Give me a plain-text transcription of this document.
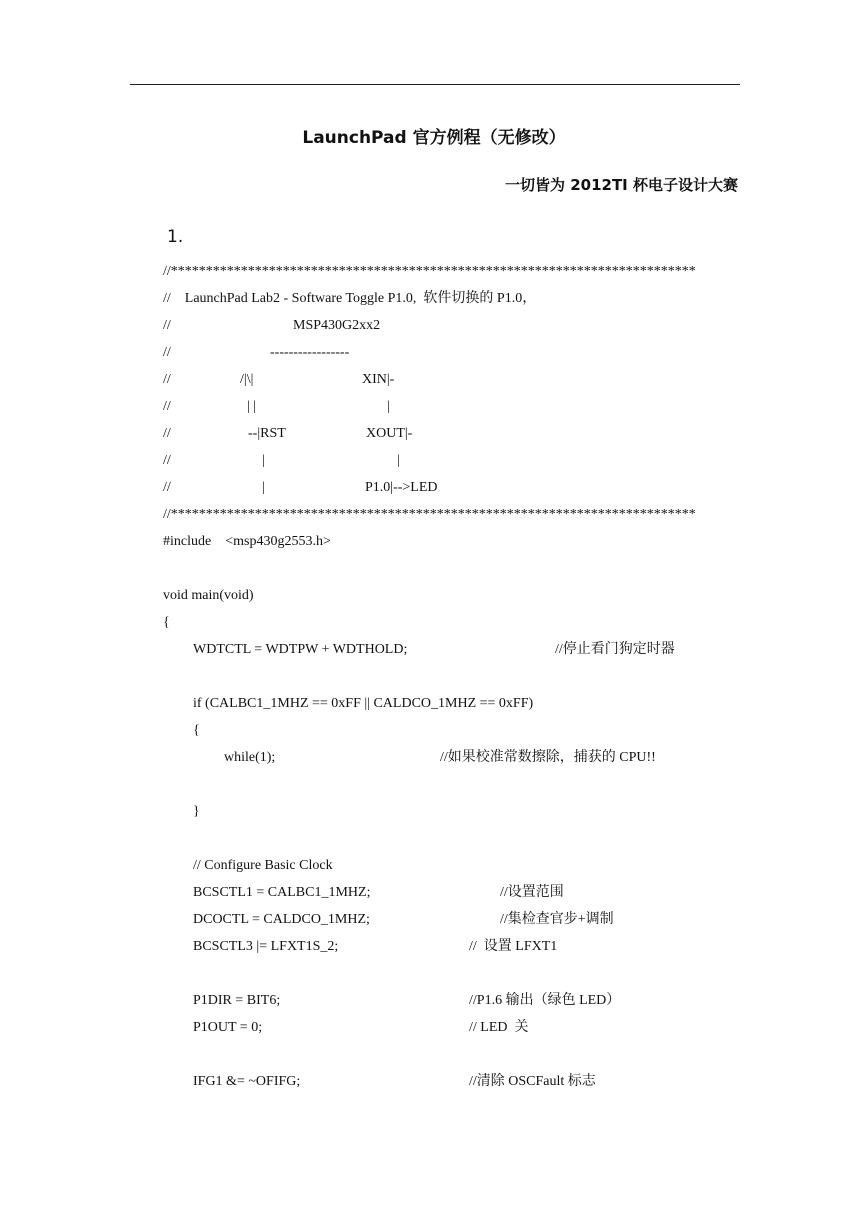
LaunchPad 官方例程（无修改）
一切皆为 2012TI 杯电子设计大赛
1.
//***************************************************************************
//    LaunchPad Lab2 - Software Toggle P1.0,  软件切换的 P1.0，
//	MSP430G2xx2
//	-----------------
//	/|\|	XIN|-
//	| |	|
//	--|RST	XOUT|-
//	|	|
//	|	P1.0|-->LED
//***************************************************************************
#include    <msp430g2553.h>
void main(void)
{
WDTCTL = WDTPW + WDTHOLD;	//停止看门狗定时器
if (CALBC1_1MHZ == 0xFF || CALDCO_1MHZ == 0xFF)
{
while(1);	//如果校准常数擦除，捕获的 CPU!!
}
// Configure Basic Clock
BCSCTL1 = CALBC1_1MHZ;	//设置范围
DCOCTL = CALDCO_1MHZ;	//集检查官步+调制
BCSCTL3 |= LFXT1S_2;	//  设置 LFXT1
P1DIR = BIT6;	//P1.6 输出（绿色 LED）
P1OUT = 0;	// LED  关
IFG1 &= ~OFIFG;	//清除 OSCFault 标志
